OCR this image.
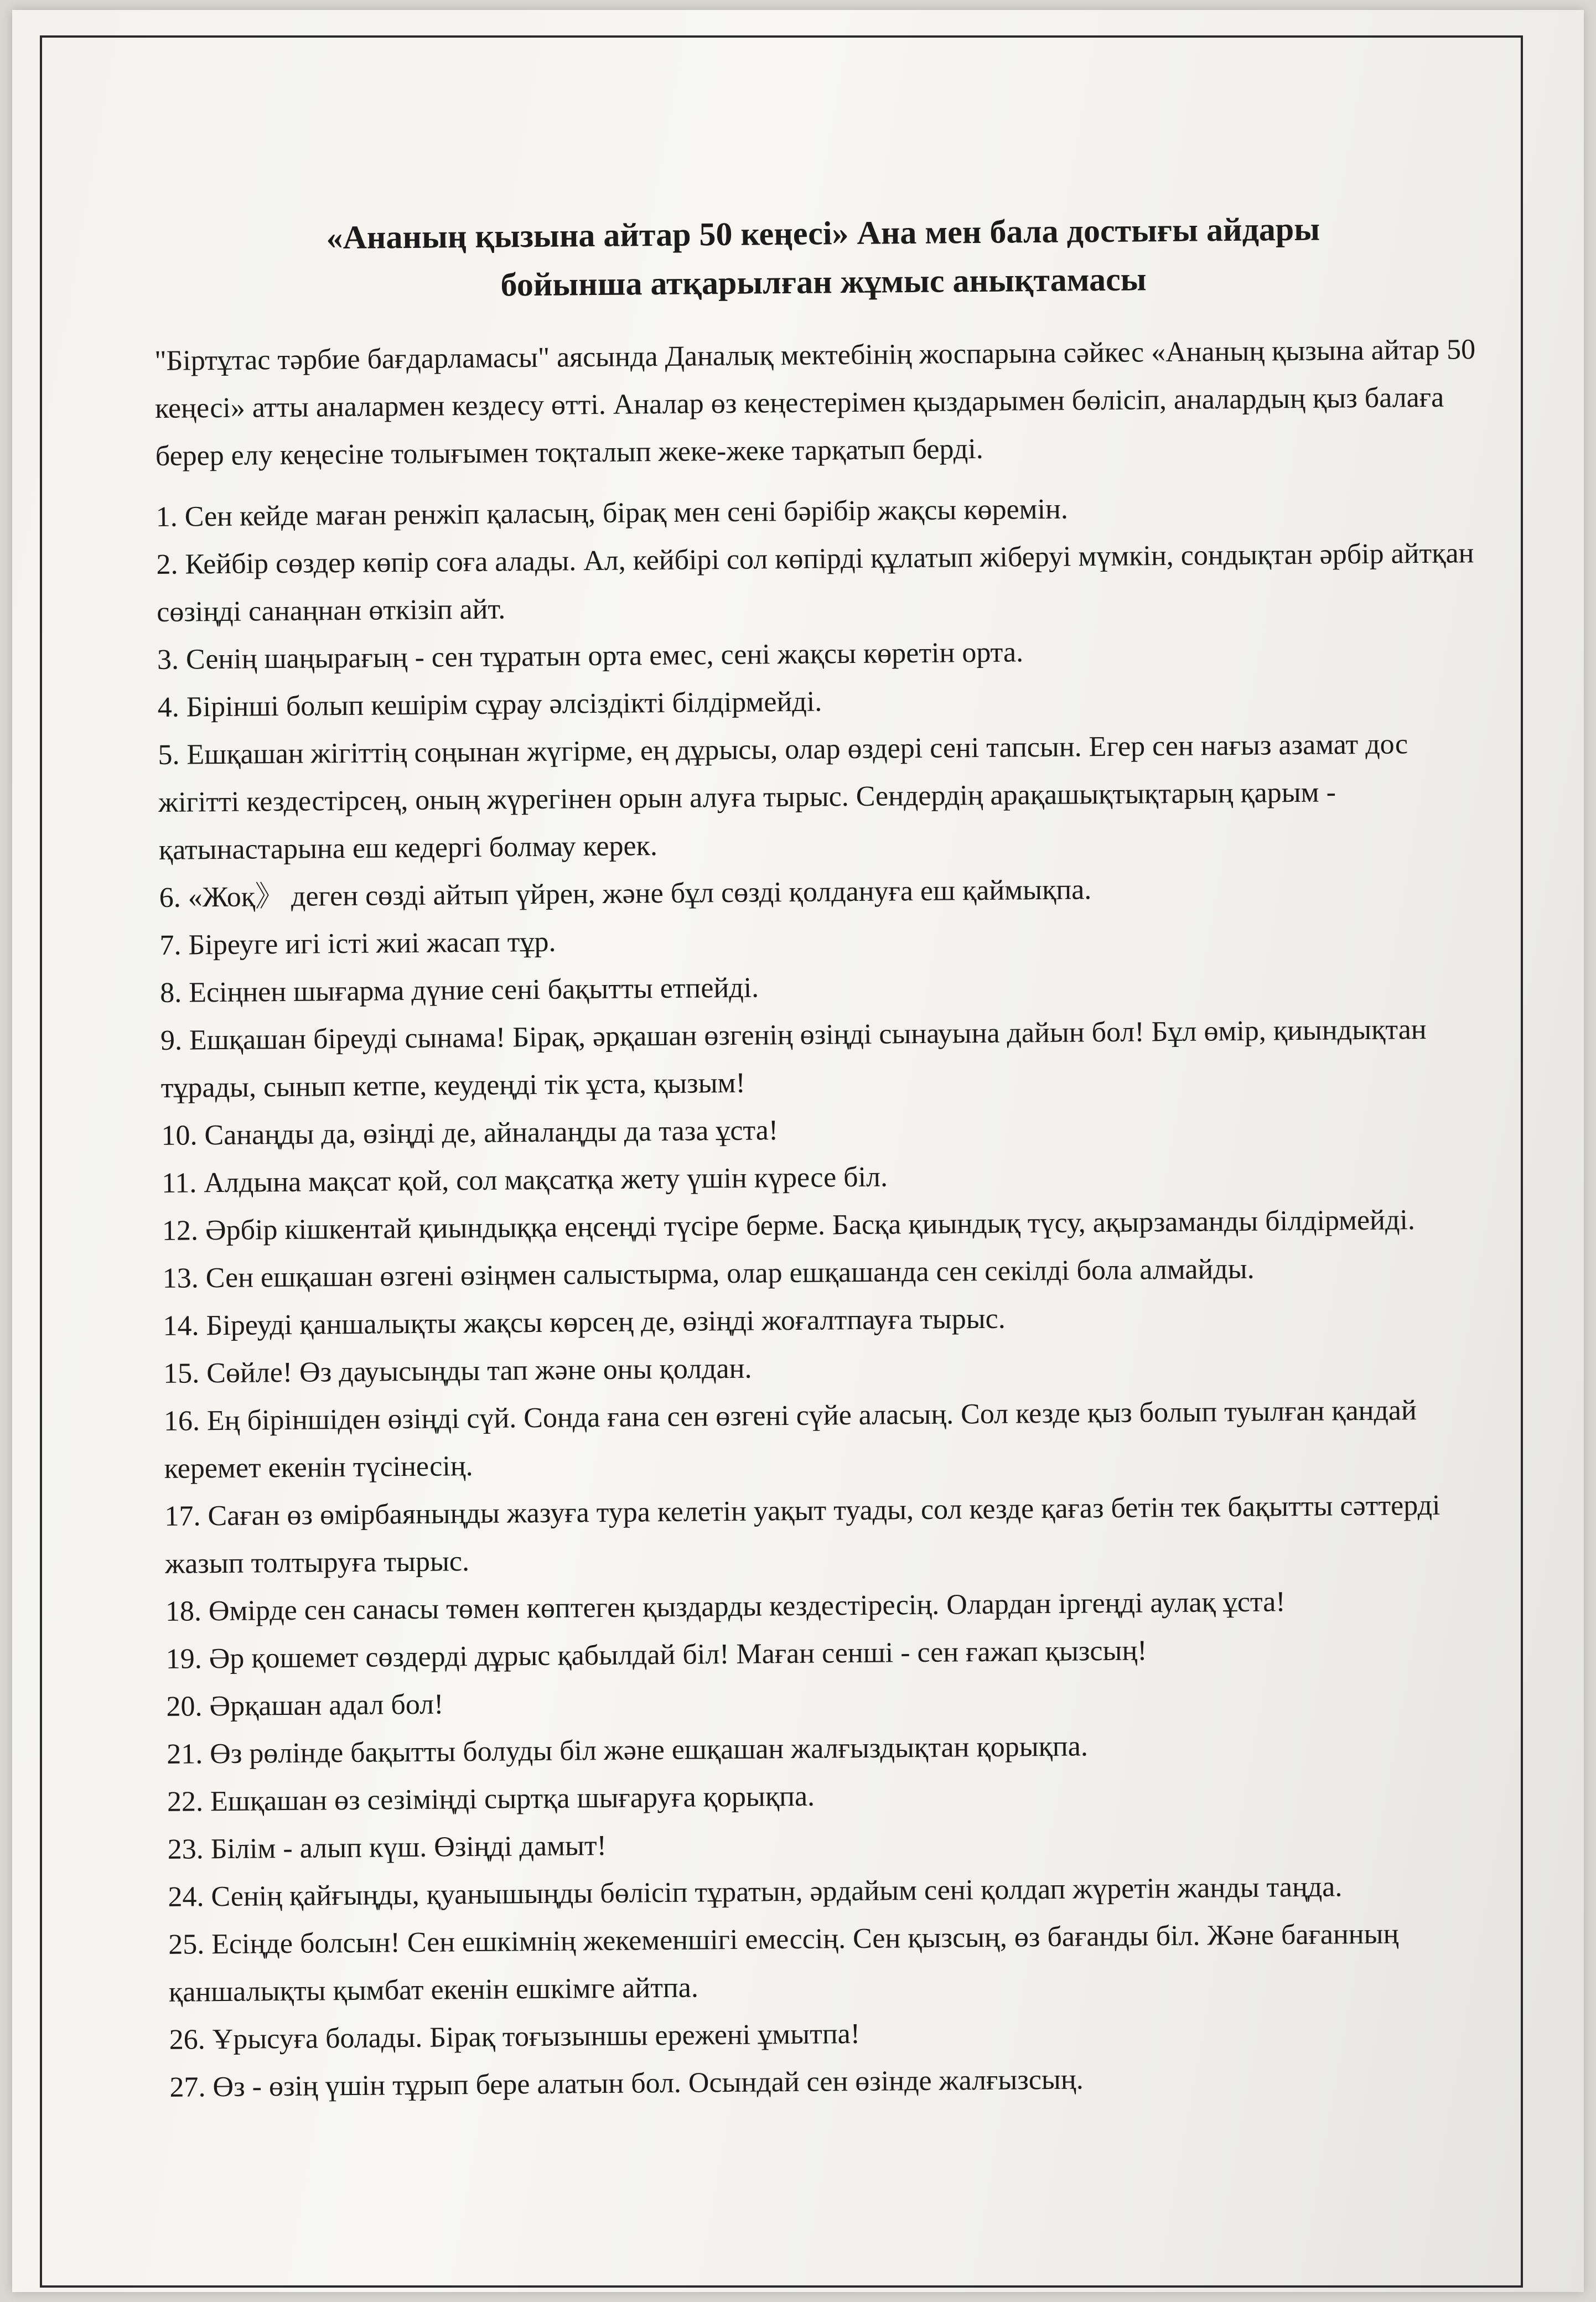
«Ананың қызына айтар 50 кеңесі» Ана мен бала достығы айдары
бойынша атқарылған жұмыс анықтамасы

"Біртұтас тәрбие бағдарламасы" аясында Даналық мектебінің жоспарына сәйкес «Ананың қызына айтар 50 кеңесі» атты аналармен кездесу өтті. Аналар өз кеңестерімен қыздарымен бөлісіп, аналардың қыз балаға берер елу кеңесіне толығымен тоқталып жеке-жеке тарқатып берді.

1. Сен кейде маған ренжіп қаласың, бірақ мен сені бәрібір жақсы көремін.
2. Кейбір сөздер көпір соға алады. Ал, кейбірі сол көпірді құлатып жіберуі мүмкін, сондықтан әрбір айтқан сөзіңді санаңнан өткізіп айт.
3. Сенің шаңырағың - сен тұратын орта емес, сені жақсы көретін орта.
4. Бірінші болып кешірім сұрау әлсіздікті білдірмейді.
5. Ешқашан жігіттің соңынан жүгірме, ең дұрысы, олар өздері сені тапсын. Егер сен нағыз азамат дос жігітті кездестірсең, оның жүрегінен орын алуға тырыс. Сендердің арақашықтықтарың қарым - қатынастарына еш кедергі болмау керек.
6. «Жоқ》 деген сөзді айтып үйрен, және бұл сөзді қолдануға еш қаймықпа.
7. Біреуге игі істі жиі жасап тұр.
8. Есіңнен шығарма дүние сені бақытты етпейді.
9. Ешқашан біреуді сынама! Бірақ, әрқашан өзгенің өзіңді сынауына дайын бол! Бұл өмір, қиындықтан тұрады, сынып кетпе, кеудеңді тік ұста, қызым!
10. Санаңды да, өзіңді де, айналаңды да таза ұста!
11. Алдына мақсат қой, сол мақсатқа жету үшін күресе біл.
12. Әрбір кішкентай қиындыққа еңсеңді түсіре берме. Басқа қиындық түсу, ақырзаманды білдірмейді.
13. Сен ешқашан өзгені өзіңмен салыстырма, олар ешқашанда сен секілді бола алмайды.
14. Біреуді қаншалықты жақсы көрсең де, өзіңді жоғалтпауға тырыс.
15. Сөйле! Өз дауысыңды тап және оны қолдан.
16. Ең біріншіден өзіңді сүй. Сонда ғана сен өзгені сүйе аласың. Сол кезде қыз болып туылған қандай керемет екенін түсінесің.
17. Саған өз өмірбаяныңды жазуға тура келетін уақыт туады, сол кезде қағаз бетін тек бақытты сәттерді жазып толтыруға тырыс.
18. Өмірде сен санасы төмен көптеген қыздарды кездестіресің. Олардан іргеңді аулақ ұста!
19. Әр қошемет сөздерді дұрыс қабылдай біл! Маған сенші - сен ғажап қызсың!
20. Әрқашан адал бол!
21. Өз рөлінде бақытты болуды біл және ешқашан жалғыздықтан қорықпа.
22. Ешқашан өз сезіміңді сыртқа шығаруға қорықпа.
23. Білім - алып күш. Өзіңді дамыт!
24. Сенің қайғыңды, қуанышыңды бөлісіп тұратын, әрдайым сені қолдап жүретін жанды таңда.
25. Есіңде болсын! Сен ешкімнің жекеменшігі емессің. Сен қызсың, өз бағанды біл. Және бағанның қаншалықты қымбат екенін ешкімге айтпа.
26. Ұрысуға болады. Бірақ тоғызыншы ережені ұмытпа!
27. Өз - өзің үшін тұрып бере алатын бол. Осындай сен өзінде жалғызсың.
